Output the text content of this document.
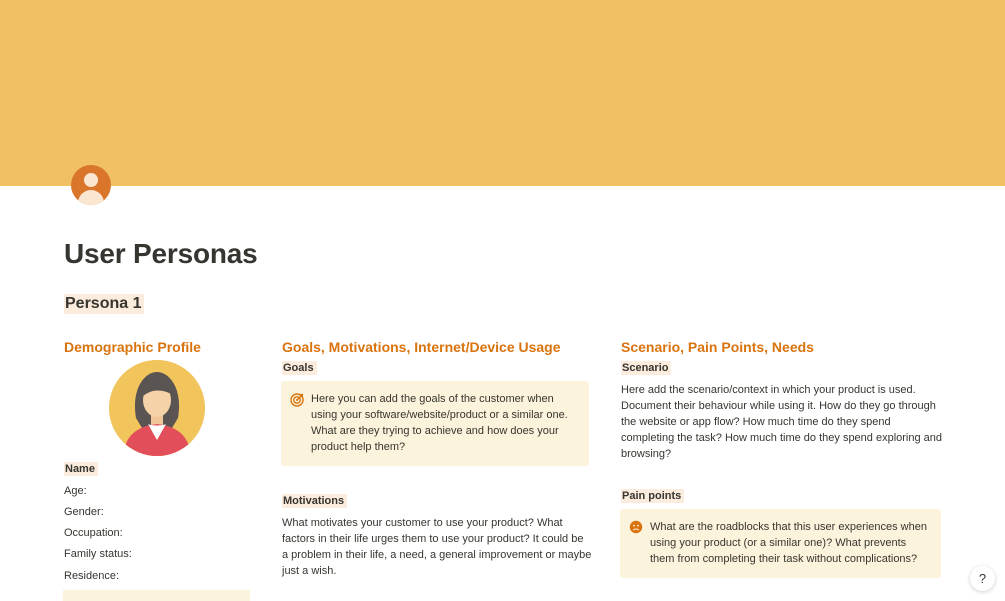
User Personas
Persona 1
Demographic Profile
Name
Age:
Gender:
Occupation:
Family status:
Residence:
Goals, Motivations, Internet/Device Usage
Goals
Here you can add the goals of the customer when
using your software/website/product or a similar one.
What are they trying to achieve and how does your
product help them?
Motivations
What motivates your customer to use your product? What
factors in their life urges them to use your product? It could be
a problem in their life, a need, a general improvement or maybe
just a wish.
Scenario, Pain Points, Needs
Scenario
Here add the scenario/context in which your product is used.
Document their behaviour while using it. How do they go through
the website or app flow? How much time do they spend
completing the task? How much time do they spend exploring and
browsing?
Pain points
What are the roadblocks that this user experiences when
using your product (or a similar one)? What prevents
them from completing their task without complications?
?
